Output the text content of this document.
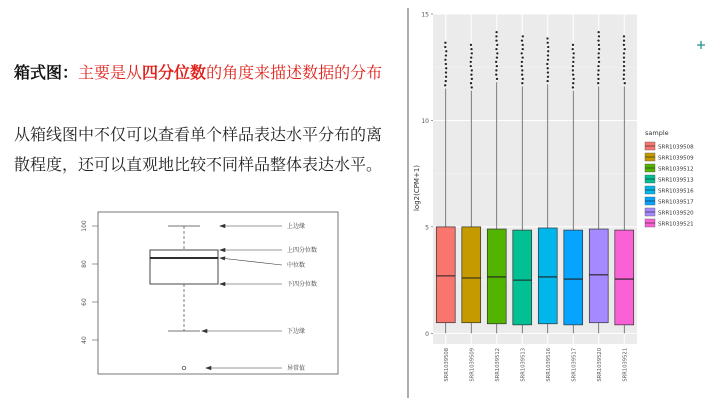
箱式图：主要是从四分位数的角度来描述数据的分布
从箱线图中不仅可以查看单个样品表达水平分布的离散程度，还可以直观地比较不同样品整体表达水平。
40
60
80
100	上边缘
上四分位数
中位数
下四分位数
下边缘
异常值
0
5
10
15
SRR1039508	SRR1039509	SRR1039512	SRR1039513	SRR1039516	SRR1039517	SRR1039520	SRR1039521
log2(CPM+1)
sample
SRR1039508
SRR1039509
SRR1039512
SRR1039513
SRR1039516
SRR1039517
SRR1039520
SRR1039521
